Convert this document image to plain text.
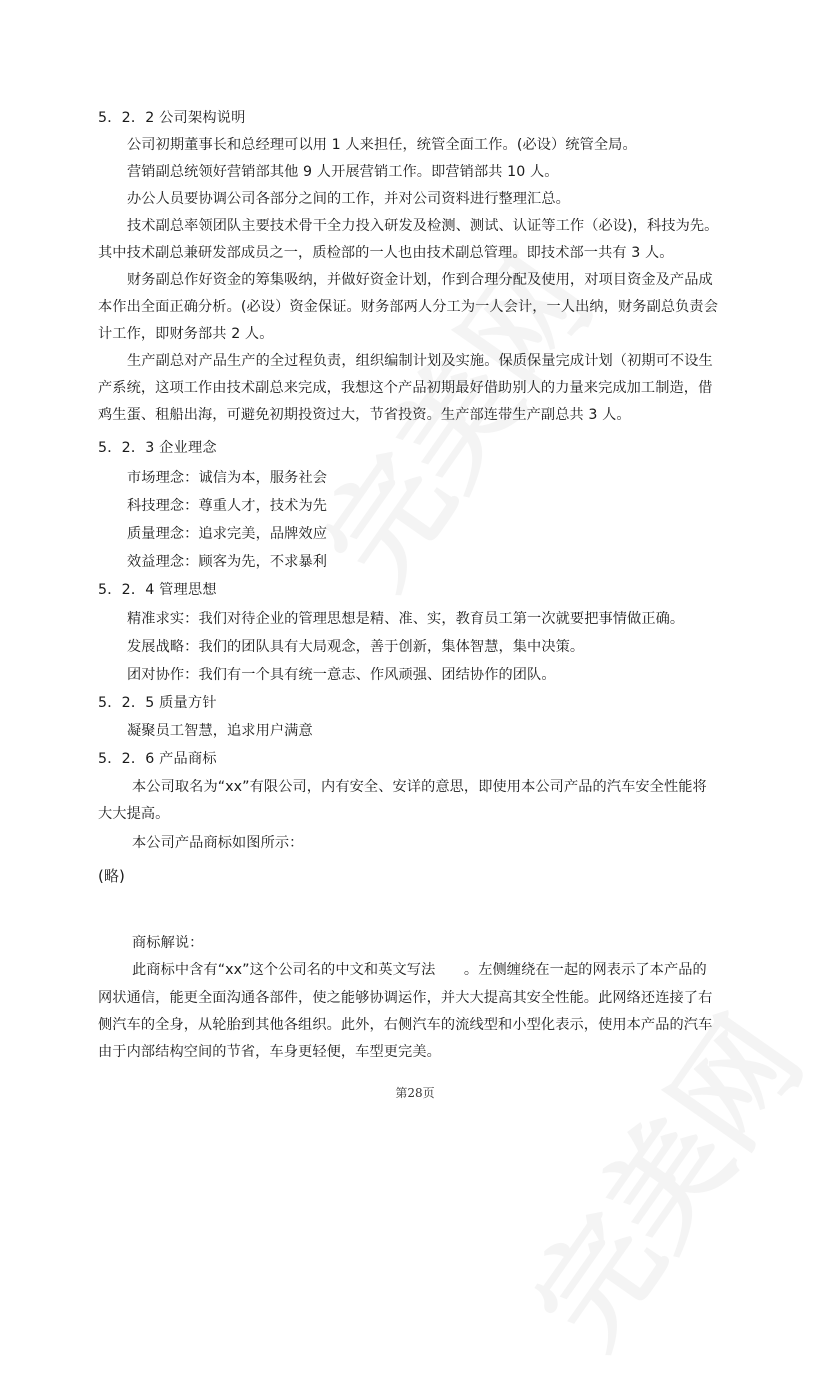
5．2．2 公司架构说明
公司初期董事长和总经理可以用 1 人来担任，统管全面工作。(必设）统管全局。
营销副总统领好营销部其他 9 人开展营销工作。即营销部共 10 人。
办公人员要协调公司各部分之间的工作，并对公司资料进行整理汇总。
技术副总率领团队主要技术骨干全力投入研发及检测、测试、认证等工作（必设)，科技为先。
其中技术副总兼研发部成员之一，质检部的一人也由技术副总管理。即技术部一共有 3 人。
财务副总作好资金的筹集吸纳，并做好资金计划，作到合理分配及使用，对项目资金及产品成
本作出全面正确分析。(必设）资金保证。财务部两人分工为一人会计，一人出纳，财务副总负责会
计工作，即财务部共 2 人。
生产副总对产品生产的全过程负责，组织编制计划及实施。保质保量完成计划（初期可不设生
产系统，这项工作由技术副总来完成，我想这个产品初期最好借助别人的力量来完成加工制造，借
鸡生蛋、租船出海，可避免初期投资过大，节省投资。生产部连带生产副总共 3 人。
5．2．3 企业理念
市场理念：诚信为本，服务社会
科技理念：尊重人才，技术为先
质量理念：追求完美，品牌效应
效益理念：顾客为先，不求暴利
5．2．4 管理思想
精准求实：我们对待企业的管理思想是精、准、实，教育员工第一次就要把事情做正确。
发展战略：我们的团队具有大局观念，善于创新，集体智慧，集中决策。
团对协作：我们有一个具有统一意志、作风顽强、团结协作的团队。
5．2．5 质量方针
凝聚员工智慧，追求用户满意
5．2．6 产品商标
本公司取名为“xx”有限公司，内有安全、安详的意思，即使用本公司产品的汽车安全性能将
大大提高。
本公司产品商标如图所示：
(略)
商标解说：
此商标中含有“xx”这个公司名的中文和英文写法　　。左侧缠绕在一起的网表示了本产品的
网状通信，能更全面沟通各部件，使之能够协调运作，并大大提高其安全性能。此网络还连接了右
侧汽车的全身，从轮胎到其他各组织。此外，右侧汽车的流线型和小型化表示，使用本产品的汽车
由于内部结构空间的节省，车身更轻便，车型更完美。
第28页
